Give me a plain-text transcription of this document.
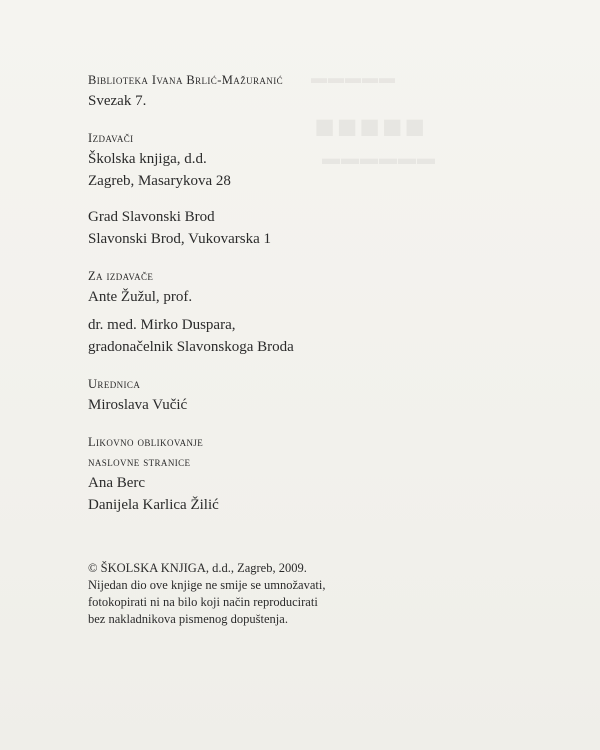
▬▬▬▬▬
■■■■■
▬▬▬▬▬▬
Biblioteka Ivana Brlić-Mažuranić
Svezak 7.
Izdavači
Školska knjiga, d.d.
Zagreb, Masarykova 28
Grad Slavonski Brod
Slavonski Brod, Vukovarska 1
Za izdavače
Ante Žužul, prof.
dr. med. Mirko Duspara,
gradonačelnik Slavonskoga Broda
Urednica
Miroslava Vučić
Likovno oblikovanje
naslovne stranice
Ana Berc
Danijela Karlica Žilić
© ŠKOLSKA KNJIGA, d.d., Zagreb, 2009.
Nijedan dio ove knjige ne smije se umnožavati,
fotokopirati ni na bilo koji način reproducirati
bez nakladnikova pismenog dopuštenja.
